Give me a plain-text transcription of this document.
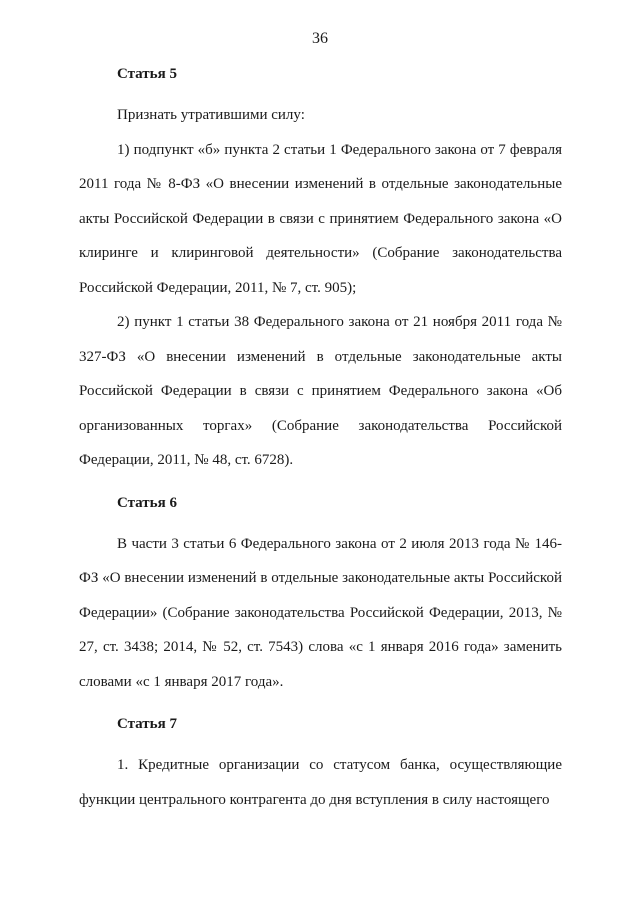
36
Статья 5

Признать утратившими силу:

1) подпункт «б» пункта 2 статьи 1 Федерального закона от 7 февраля 2011 года № 8-ФЗ «О внесении изменений в отдельные законодательные акты Российской Федерации в связи с принятием Федерального закона «О клиринге и клиринговой деятельности» (Собрание законодательства Российской Федерации, 2011, № 7, ст. 905);

2) пункт 1 статьи 38 Федерального закона от 21 ноября 2011 года № 327-ФЗ «О внесении изменений в отдельные законодательные акты Российской Федерации в связи с принятием Федерального закона «Об организованных торгах» (Собрание законодательства Российской Федерации, 2011, № 48, ст. 6728).

Статья 6

В части 3 статьи 6 Федерального закона от 2 июля 2013 года № 146-ФЗ «О внесении изменений в отдельные законодательные акты Российской Федерации» (Собрание законодательства Российской Федерации, 2013, № 27, ст. 3438; 2014, № 52, ст. 7543) слова «с 1 января 2016 года» заменить словами «с 1 января 2017 года».

Статья 7

1. Кредитные организации со статусом банка, осуществляющие функции центрального контрагента до дня вступления в силу настоящего
